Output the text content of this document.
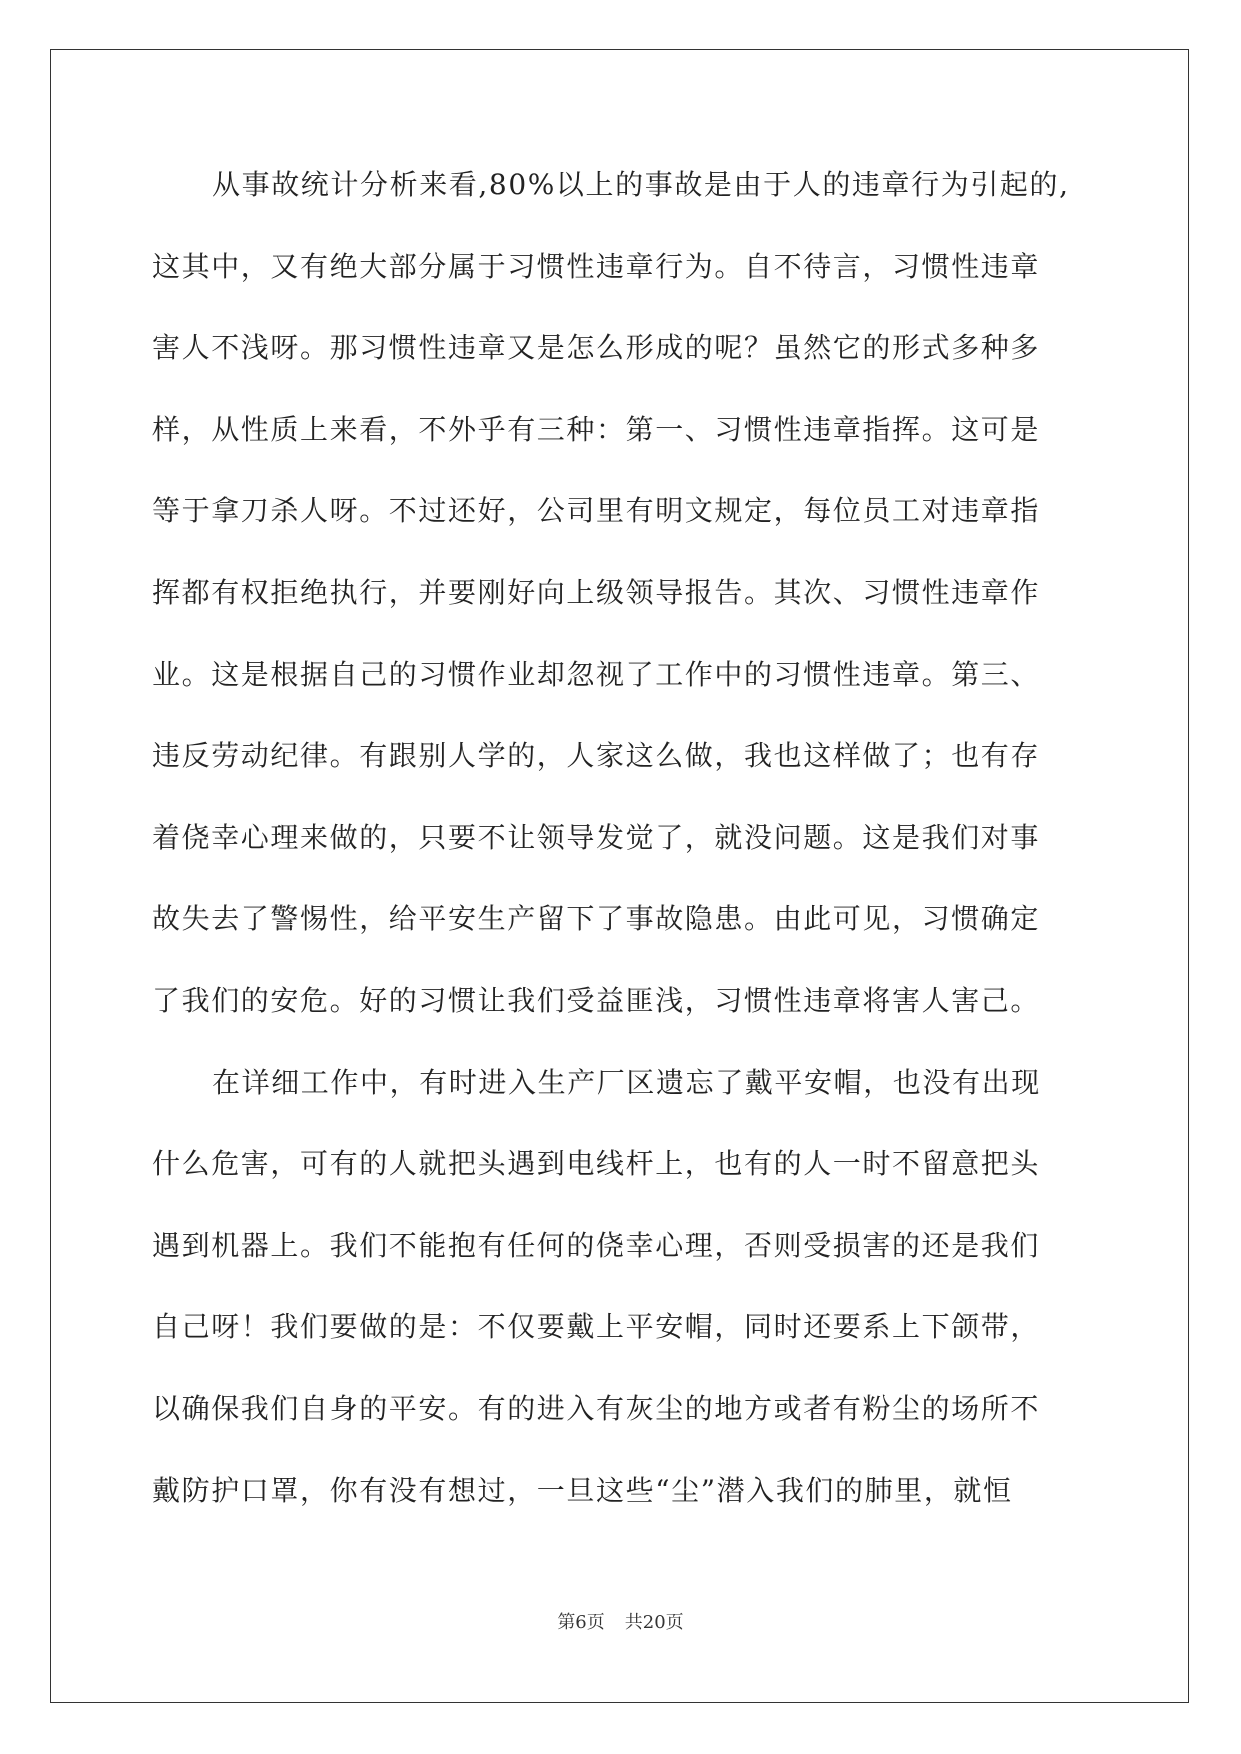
从事故统计分析来看,80%以上的事故是由于人的违章行为引起的,
这其中，又有绝大部分属于习惯性违章行为。自不待言，习惯性违章
害人不浅呀。那习惯性违章又是怎么形成的呢？虽然它的形式多种多
样，从性质上来看，不外乎有三种：第一、习惯性违章指挥。这可是
等于拿刀杀人呀。不过还好，公司里有明文规定，每位员工对违章指
挥都有权拒绝执行，并要刚好向上级领导报告。其次、习惯性违章作
业。这是根据自己的习惯作业却忽视了工作中的习惯性违章。第三、
违反劳动纪律。有跟别人学的，人家这么做，我也这样做了；也有存
着侥幸心理来做的，只要不让领导发觉了，就没问题。这是我们对事
故失去了警惕性，给平安生产留下了事故隐患。由此可见，习惯确定
了我们的安危。好的习惯让我们受益匪浅，习惯性违章将害人害己。
在详细工作中，有时进入生产厂区遗忘了戴平安帽，也没有出现
什么危害，可有的人就把头遇到电线杆上，也有的人一时不留意把头
遇到机器上。我们不能抱有任何的侥幸心理，否则受损害的还是我们
自己呀！我们要做的是：不仅要戴上平安帽，同时还要系上下颌带，
以确保我们自身的平安。有的进入有灰尘的地方或者有粉尘的场所不
戴防护口罩，你有没有想过，一旦这些“尘”潜入我们的肺里，就恒
第6页 共20页
